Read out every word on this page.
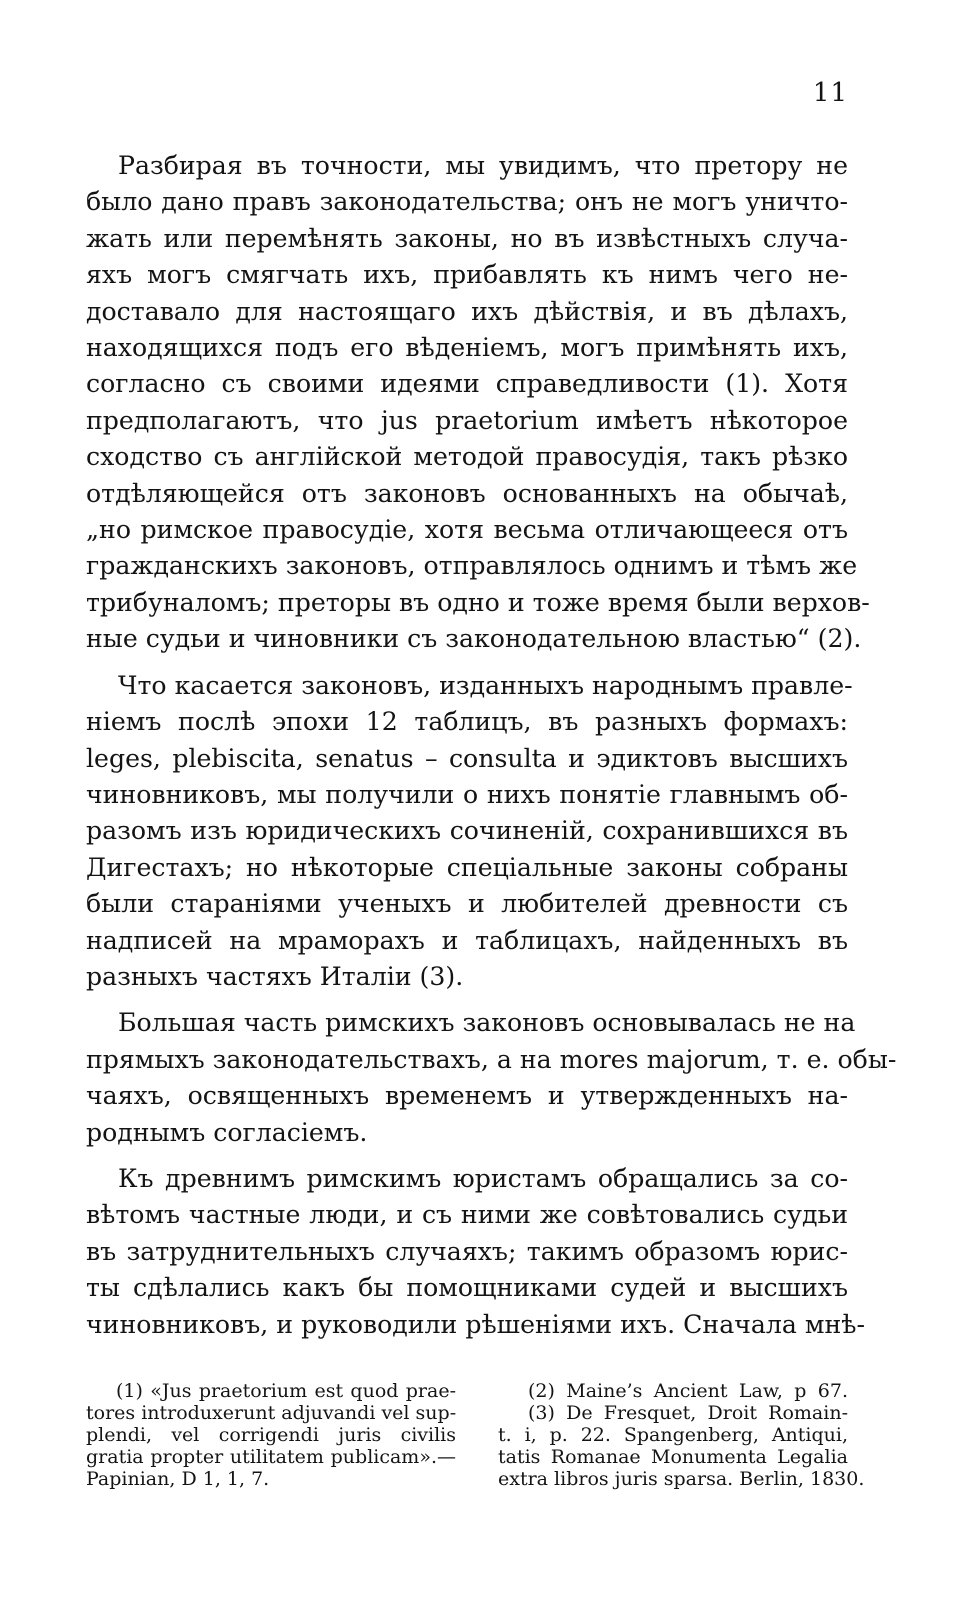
11
Разбирая въ точности, мы увидимъ, что претору не
было дано правъ законодательства; онъ не могъ уничто-
жать или перемѣнять законы, но въ извѣстныхъ случа-
яхъ могъ смягчать ихъ, прибавлять къ нимъ чего не-
доставало для настоящаго ихъ дѣйствія, и въ дѣлахъ,
находящихся подъ его вѣденіемъ, могъ примѣнять ихъ,
согласно съ своими идеями справедливости (1). Хотя
предполагаютъ, что jus praetorium имѣетъ нѣкоторое
сходство съ англійской методой правосудія, такъ рѣзко
отдѣляющейся отъ законовъ основанныхъ на обычаѣ,
„но римское правосудіе, хотя весьма отличающееся отъ
гражданскихъ законовъ, отправлялось однимъ и тѣмъ же
трибуналомъ; преторы въ одно и тоже время были верхов-
ные судьи и чиновники съ законодательною властью“ (2).
Что касается законовъ, изданныхъ народнымъ правле-
ніемъ послѣ эпохи 12 таблицъ, въ разныхъ формахъ:
leges, plebiscita, senatus – consulta и эдиктовъ высшихъ
чиновниковъ, мы получили о нихъ понятіе главнымъ об-
разомъ изъ юридическихъ сочиненій, сохранившихся въ
Дигестахъ; но нѣкоторые спеціальные законы собраны
были стараніями ученыхъ и любителей древности съ
надписей на мраморахъ и таблицахъ, найденныхъ въ
разныхъ частяхъ Италіи (3).
Большая часть римскихъ законовъ основывалась не на
прямыхъ законодательствахъ, а на mores majorum, т. е. обы-
чаяхъ, освященныхъ временемъ и утвержденныхъ на-
роднымъ согласіемъ.
Къ древнимъ римскимъ юристамъ обращались за со-
вѣтомъ частные люди, и съ ними же совѣтовались судьи
въ затруднительныхъ случаяхъ; такимъ образомъ юрис-
ты сдѣлались какъ бы помощниками судей и высшихъ
чиновниковъ, и руководили рѣшеніями ихъ. Сначала мнѣ-
(1) «Jus praetorium est quod prae-
tores introduxerunt adjuvandi vel sup-
plendi, vel corrigendi juris civilis
gratia propter utilitatem publicam».—
Papinian, D 1, 1, 7.
(2) Maine’s Ancient Law, p 67.
(3) De Fresquet, Droit Romain-
t. i, p. 22. Spangenberg, Antiqui,
tatis Romanae Monumenta Legalia
extra libros juris sparsa. Berlin, 1830.
